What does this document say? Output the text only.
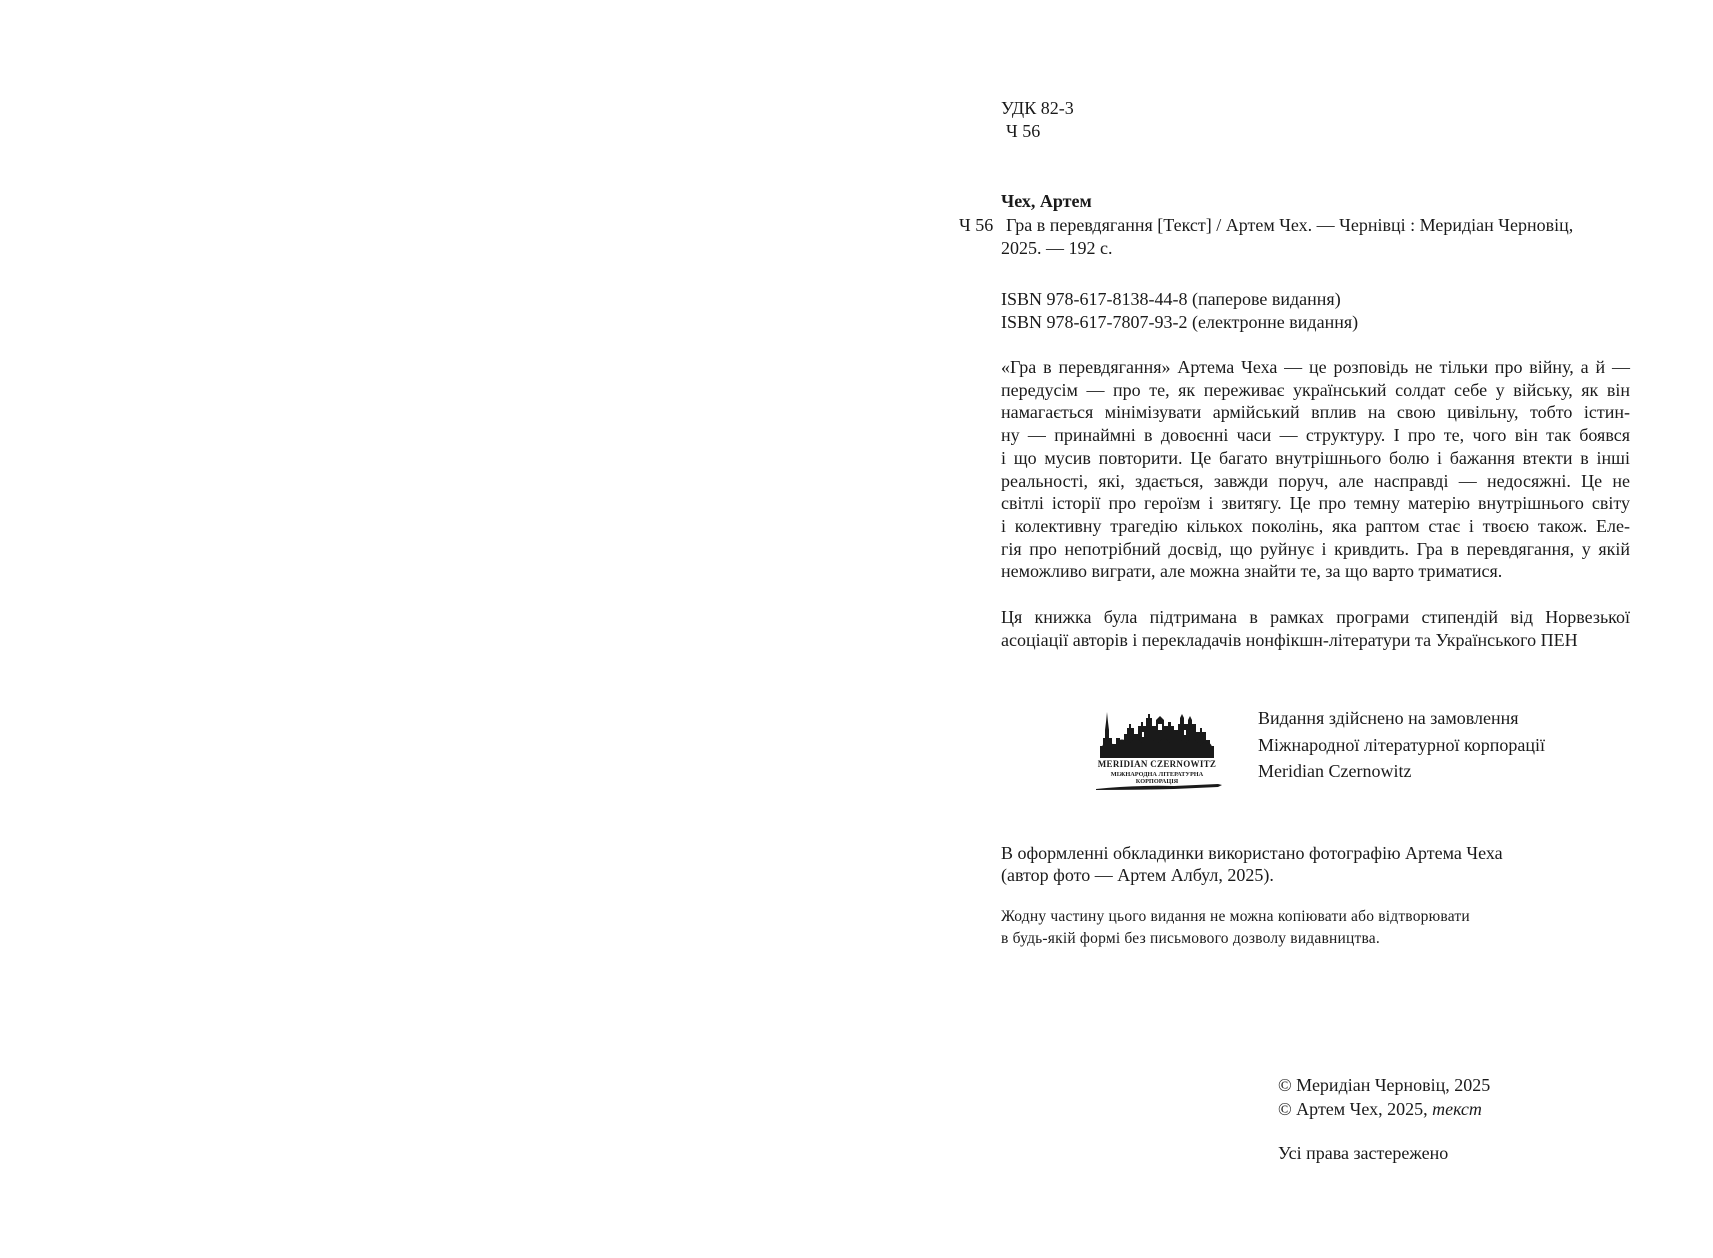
УДК 82-3
Ч 56
Чех, Артем
Ч 56 Гра в перевдягання [Текст] / Артем Чех. — Чернівці : Меридіан Черновіц,
2025. — 192 с.
ISBN 978-617-8138-44-8 (паперове видання)
ISBN 978-617-7807-93-2 (електронне видання)

«Гра в перевдягання» Артема Чеха — це розповідь не тільки про війну, а й —

передусім — про те, як переживає український солдат себе у війську, як він

намагається мінімізувати армійський вплив на свою цивільну, тобто істин-

ну — принаймні в довоєнні часи — структуру. І про те, чого він так боявся

і що мусив повторити. Це багато внутрішнього болю і бажання втекти в інші

реальності, які, здається, завжди поруч, але насправді — недосяжні. Це не

світлі історії про героїзм і звитягу. Це про темну матерію внутрішнього світу

і колективну трагедію кількох поколінь, яка раптом стає і твоєю також. Еле-

гія про непотрібний досвід, що руйнує і кривдить. Гра в перевдягання, у якій

неможливо виграти, але можна знайти те, за що варто триматися.

Ця книжка була підтримана в рамках програми стипендій від Норвезької

асоціації авторів і перекладачів нонфікшн-літератури та Українського ПЕН

MERIDIAN CZERNOWITZ
МІЖНАРОДНА ЛІТЕРАТУРНА
КОРПОРАЦІЯ
Видання здійснено на замовлення
Міжнародної літературної корпорації
Meridian Czernowitz
В оформленні обкладинки використано фотографію Артема Чеха
(автор фото — Артем Албул, 2025).
Жодну частину цього видання не можна копіювати або відтворювати
в будь-якій формі без письмового дозволу видавництва.
© Меридіан Черновіц, 2025
© Артем Чех, 2025, текст
Усі права застережено
